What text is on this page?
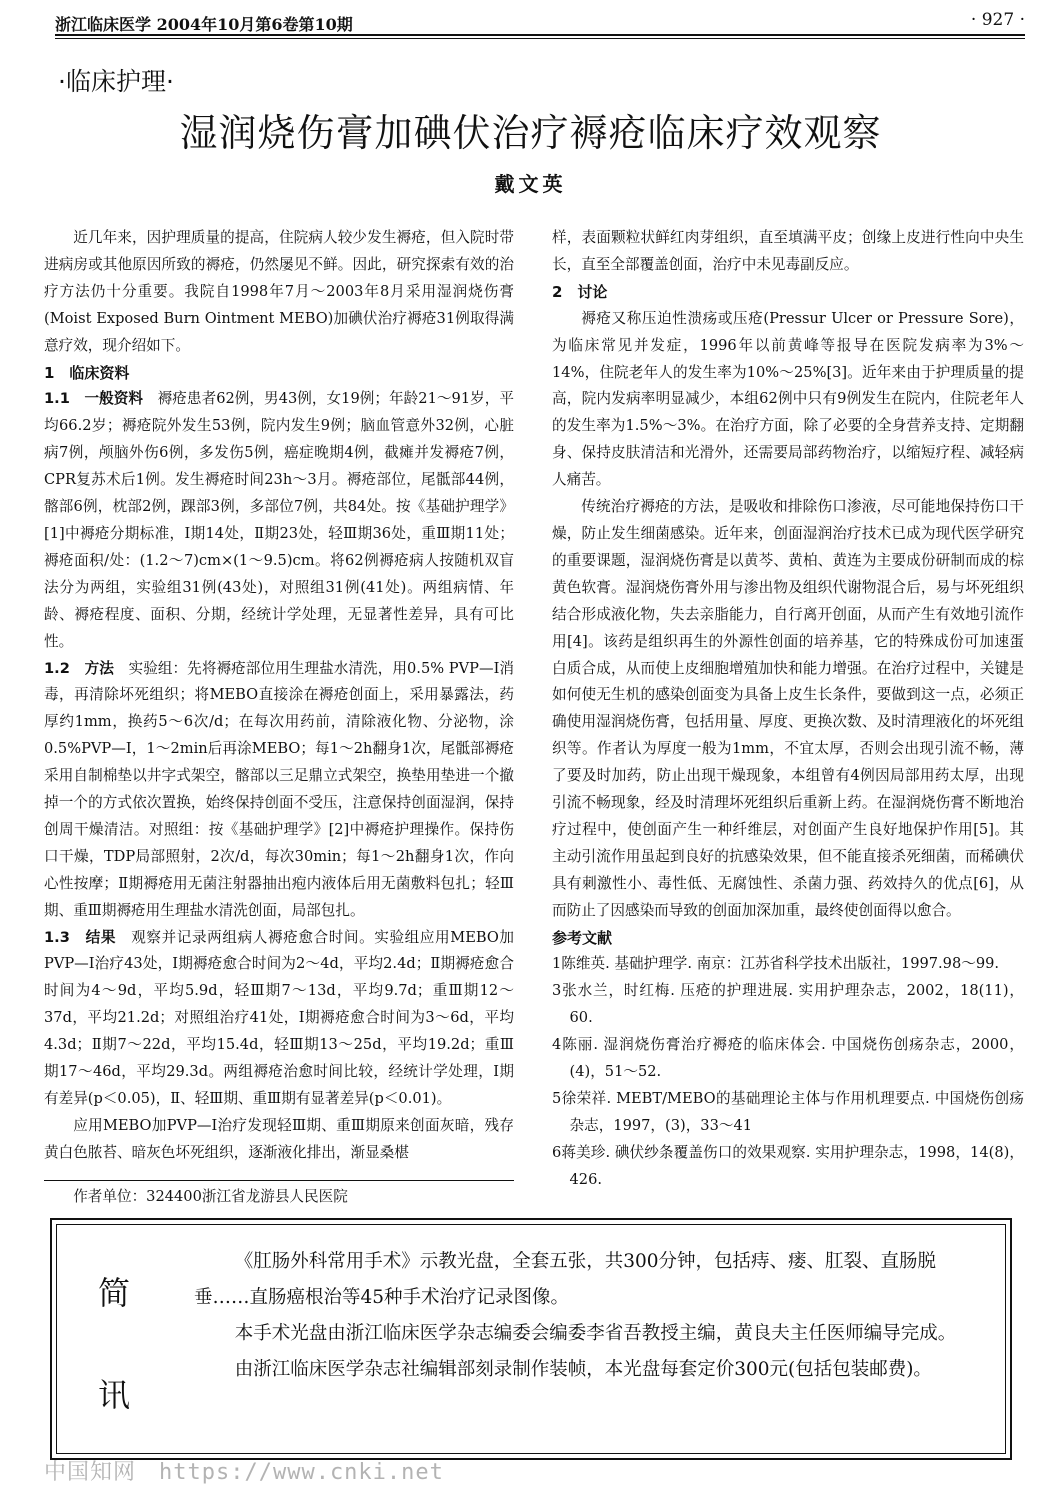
浙江临床医学 2004年10月第6卷第10期	· 927 ·
·临床护理·
湿润烧伤膏加碘伏治疗褥疮临床疗效观察
戴文英

近几年来，因护理质量的提高，住院病人较少发生褥疮，但入院时带进病房或其他原因所致的褥疮，仍然屡见不鲜。因此，研究探索有效的治疗方法仍十分重要。我院自1998年7月～2003年8月采用湿润烧伤膏(Moist Exposed Burn Ointment MEBO)加碘伏治疗褥疮31例取得满意疗效，现介绍如下。

1　临床资料

1.1　一般资料　褥疮患者62例，男43例，女19例；年龄21～91岁，平均66.2岁；褥疮院外发生53例，院内发生9例；脑血管意外32例，心脏病7例，颅脑外伤6例，多发伤5例，癌症晚期4例，截瘫并发褥疮7例，CPR复苏术后1例。发生褥疮时间23h～3月。褥疮部位，尾骶部44例，髂部6例，枕部2例，踝部3例，多部位7例，共84处。按《基础护理学》[1]中褥疮分期标准，I期14处，Ⅱ期23处，轻Ⅲ期36处，重Ⅲ期11处；褥疮面积/处：(1.2～7)cm×(1～9.5)cm。将62例褥疮病人按随机双盲法分为两组，实验组31例(43处)，对照组31例(41处)。两组病情、年龄、褥疮程度、面积、分期，经统计学处理，无显著性差异，具有可比性。

1.2　方法　实验组：先将褥疮部位用生理盐水清洗，用0.5% PVP—I消毒，再清除坏死组织；将MEBO直接涂在褥疮创面上，采用暴露法，药厚约1mm，换药5～6次/d；在每次用药前，清除液化物、分泌物，涂0.5%PVP—I，1～2min后再涂MEBO；每1～2h翻身1次，尾骶部褥疮采用自制棉垫以井字式架空，髂部以三足鼎立式架空，换垫用垫进一个撤掉一个的方式依次置换，始终保持创面不受压，注意保持创面湿润，保持创周干燥清洁。对照组：按《基础护理学》[2]中褥疮护理操作。保持伤口干燥，TDP局部照射，2次/d，每次30min；每1～2h翻身1次，作向心性按摩；Ⅱ期褥疮用无菌注射器抽出疱内液体后用无菌敷料包扎；轻Ⅲ期、重Ⅲ期褥疮用生理盐水清洗创面，局部包扎。

1.3　结果　观察并记录两组病人褥疮愈合时间。实验组应用MEBO加PVP—I治疗43处，I期褥疮愈合时间为2～4d，平均2.4d；Ⅱ期褥疮愈合时间为4～9d，平均5.9d，轻Ⅲ期7～13d，平均9.7d；重Ⅲ期12～37d，平均21.2d；对照组治疗41处，I期褥疮愈合时间为3～6d，平均4.3d；Ⅱ期7～22d，平均15.4d，轻Ⅲ期13～25d，平均19.2d；重Ⅲ期17～46d，平均29.3d。两组褥疮治愈时间比较，经统计学处理，I期有差异(p＜0.05)，Ⅱ、轻Ⅲ期、重Ⅲ期有显著差异(p＜0.01)。

应用MEBO加PVP—I治疗发现轻Ⅲ期、重Ⅲ期原来创面灰暗，残存黄白色脓苔、暗灰色坏死组织，逐渐液化排出，渐显桑椹

作者单位：324400浙江省龙游县人民医院

样，表面颗粒状鲜红肉芽组织，直至填满平皮；创缘上皮进行性向中央生长，直至全部覆盖创面，治疗中未见毒副反应。

2　讨论

褥疮又称压迫性溃疡或压疮(Pressur Ulcer or Pressure Sore)，为临床常见并发症，1996年以前黄峰等报导在医院发病率为3%～14%，住院老年人的发生率为10%～25%[3]。近年来由于护理质量的提高，院内发病率明显减少，本组62例中只有9例发生在院内，住院老年人的发生率为1.5%～3%。在治疗方面，除了必要的全身营养支持、定期翻身、保持皮肤清洁和光滑外，还需要局部药物治疗，以缩短疗程、减轻病人痛苦。

传统治疗褥疮的方法，是吸收和排除伤口渗液，尽可能地保持伤口干燥，防止发生细菌感染。近年来，创面湿润治疗技术已成为现代医学研究的重要课题，湿润烧伤膏是以黄芩、黄柏、黄连为主要成份研制而成的棕黄色软膏。湿润烧伤膏外用与渗出物及组织代谢物混合后，易与坏死组织结合形成液化物，失去亲脂能力，自行离开创面，从而产生有效地引流作用[4]。该药是组织再生的外源性创面的培养基，它的特殊成份可加速蛋白质合成，从而使上皮细胞增殖加快和能力增强。在治疗过程中，关键是如何使无生机的感染创面变为具备上皮生长条件，要做到这一点，必须正确使用湿润烧伤膏，包括用量、厚度、更换次数、及时清理液化的坏死组织等。作者认为厚度一般为1mm，不宜太厚，否则会出现引流不畅，薄了要及时加药，防止出现干燥现象，本组曾有4例因局部用药太厚，出现引流不畅现象，经及时清理坏死组织后重新上药。在湿润烧伤膏不断地治疗过程中，使创面产生一种纤维层，对创面产生良好地保护作用[5]。其主动引流作用虽起到良好的抗感染效果，但不能直接杀死细菌，而稀碘伏具有刺激性小、毒性低、无腐蚀性、杀菌力强、药效持久的优点[6]，从而防止了因感染而导致的创面加深加重，最终使创面得以愈合。

参考文献

1陈维英. 基础护理学. 南京：江苏省科学技术出版社，1997.98～99.

3张水兰，时红梅. 压疮的护理进展. 实用护理杂志，2002，18(11)，60.

4陈丽. 湿润烧伤膏治疗褥疮的临床体会. 中国烧伤创疡杂志，2000，(4)，51～52.

5徐荣祥. MEBT/MEBO的基础理论主体与作用机理要点. 中国烧伤创疡杂志，1997，(3)，33～41

6蒋美珍. 碘伏纱条覆盖伤口的效果观察. 实用护理杂志，1998，14(8)，426.

简
讯

《肛肠外科常用手术》示教光盘，全套五张，共300分钟，包括痔、瘘、肛裂、直肠脱垂……直肠癌根治等45种手术治疗记录图像。

本手术光盘由浙江临床医学杂志编委会编委李省吾教授主编，黄良夫主任医师编导完成。

由浙江临床医学杂志社编辑部刻录制作装帧，本光盘每套定价300元(包括包装邮费)。

中国知网　https://www.cnki.net
